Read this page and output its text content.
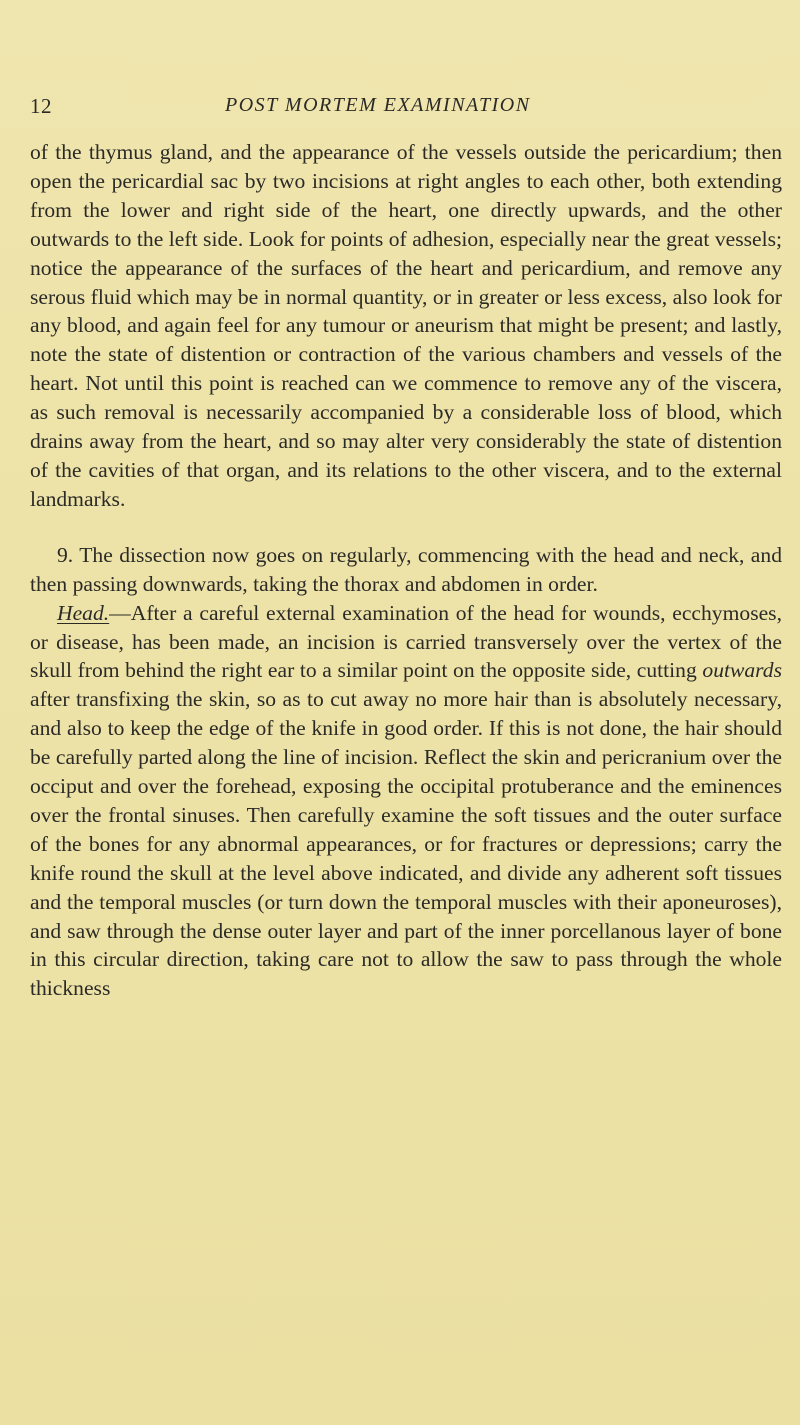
12	POST MORTEM EXAMINATION

of the thymus gland, and the appearance of the vessels outside the pericardium; then open the pericardial sac by two incisions at right angles to each other, both extending from the lower and right side of the heart, one directly upwards, and the other outwards to the left side. Look for points of adhesion, especially near the great vessels; notice the appearance of the surfaces of the heart and pericardium, and remove any serous fluid which may be in normal quantity, or in greater or less excess, also look for any blood, and again feel for any tumour or aneurism that might be present; and lastly, note the state of distention or contraction of the various chambers and vessels of the heart. Not until this point is reached can we commence to remove any of the viscera, as such removal is necessarily accompanied by a considerable loss of blood, which drains away from the heart, and so may alter very considerably the state of distention of the cavities of that organ, and its relations to the other viscera, and to the external landmarks.

9. The dissection now goes on regularly, commencing with the head and neck, and then passing downwards, taking the thorax and abdomen in order.

Head.—After a careful external examination of the head for wounds, ecchymoses, or disease, has been made, an incision is carried transversely over the vertex of the skull from behind the right ear to a similar point on the opposite side, cutting outwards after transfixing the skin, so as to cut away no more hair than is absolutely necessary, and also to keep the edge of the knife in good order. If this is not done, the hair should be carefully parted along the line of incision. Reflect the skin and pericranium over the occiput and over the forehead, exposing the occipital protuberance and the eminences over the frontal sinuses. Then carefully examine the soft tissues and the outer surface of the bones for any abnormal appearances, or for fractures or depressions; carry the knife round the skull at the level above indicated, and divide any adherent soft tissues and the temporal muscles (or turn down the temporal muscles with their aponeuroses), and saw through the dense outer layer and part of the inner porcellanous layer of bone in this circular direction, taking care not to allow the saw to pass through the whole thickness
